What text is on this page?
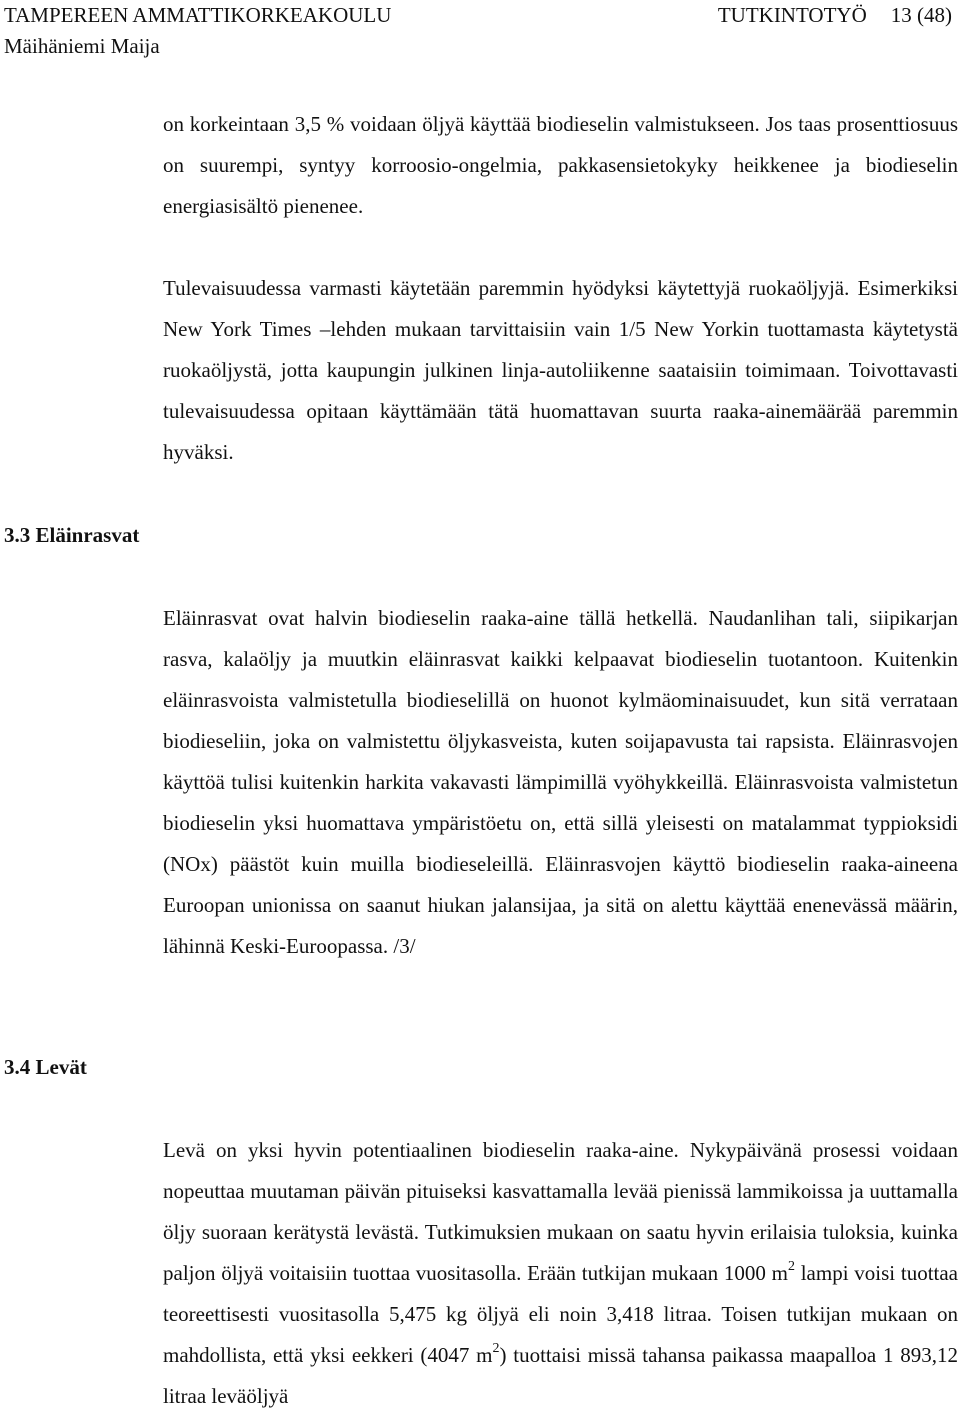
TAMPEREEN AMMATTIKORKEAKOULU	TUTKINTOTYÖ 13 (48)
Mäihäniemi Maija

on korkeintaan 3,5 % voidaan öljyä käyttää biodieselin valmistukseen. Jos taas prosenttiosuus on suurempi, syntyy korroosio-ongelmia, pakkasensietokyky heikkenee ja biodieselin energiasisältö pienenee.

Tulevaisuudessa varmasti käytetään paremmin hyödyksi käytettyjä ruokaöljyjä. Esimerkiksi New York Times –lehden mukaan tarvittaisiin vain 1/5 New Yorkin tuottamasta käytetystä ruokaöljystä, jotta kaupungin julkinen linja-autoliikenne saataisiin toimimaan. Toivottavasti tulevaisuudessa opitaan käyttämään tätä huomattavan suurta raaka-ainemäärää paremmin hyväksi.

3.3 Eläinrasvat

Eläinrasvat ovat halvin biodieselin raaka-aine tällä hetkellä. Naudanlihan tali, siipikarjan rasva, kalaöljy ja muutkin eläinrasvat kaikki kelpaavat biodieselin tuotantoon. Kuitenkin eläinrasvoista valmistetulla biodieselillä on huonot kylmäominaisuudet, kun sitä verrataan biodieseliin, joka on valmistettu öljykasveista, kuten soijapavusta tai rapsista. Eläinrasvojen käyttöä tulisi kuitenkin harkita vakavasti lämpimillä vyöhykkeillä. Eläinrasvoista valmistetun biodieselin yksi huomattava ympäristöetu on, että sillä yleisesti on matalammat typpioksidi (NOx) päästöt kuin muilla biodieseleillä. Eläinrasvojen käyttö biodieselin raaka-aineena Euroopan unionissa on saanut hiukan jalansijaa, ja sitä on alettu käyttää enenevässä määrin, lähinnä Keski-Euroopassa. /3/

3.4 Levät

Levä on yksi hyvin potentiaalinen biodieselin raaka-aine. Nykypäivänä prosessi voidaan nopeuttaa muutaman päivän pituiseksi kasvattamalla levää pienissä lammikoissa ja uuttamalla öljy suoraan kerätystä levästä. Tutkimuksien mukaan on saatu hyvin erilaisia tuloksia, kuinka paljon öljyä voitaisiin tuottaa vuositasolla. Erään tutkijan mukaan 1000 $m^2$ lampi voisi tuottaa teoreettisesti vuositasolla 5,475 kg öljyä eli noin 3,418 litraa. Toisen tutkijan mukaan on mahdollista, että yksi eekkeri (4047 $m^2$) tuottaisi missä tahansa paikassa maapalloa 1 893,12 litraa leväöljyä
